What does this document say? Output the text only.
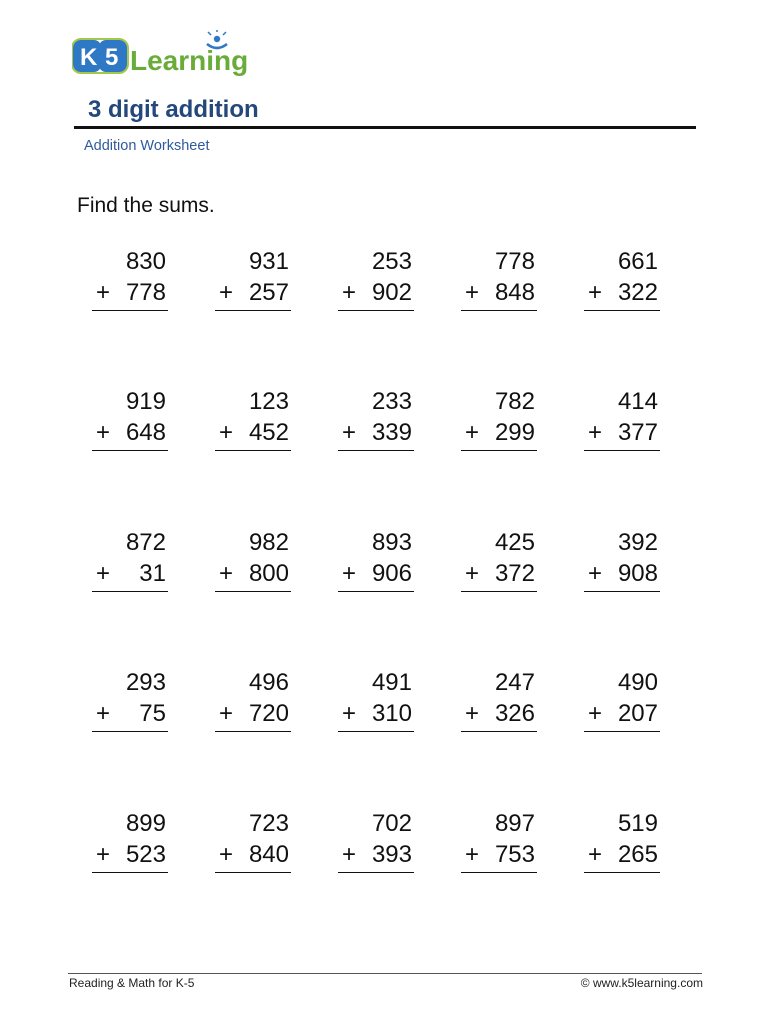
K 5 Learning
3 digit addition
Addition Worksheet
Find the sums.
830
+ 778
931
+ 257
253
+ 902
778
+ 848
661
+ 322
919
+ 648
123
+ 452
233
+ 339
782
+ 299
414
+ 377
872
+ 31
982
+ 800
893
+ 906
425
+ 372
392
+ 908
293
+ 75
496
+ 720
491
+ 310
247
+ 326
490
+ 207
899
+ 523
723
+ 840
702
+ 393
897
+ 753
519
+ 265
Reading & Math for K-5	© www.k5learning.com
